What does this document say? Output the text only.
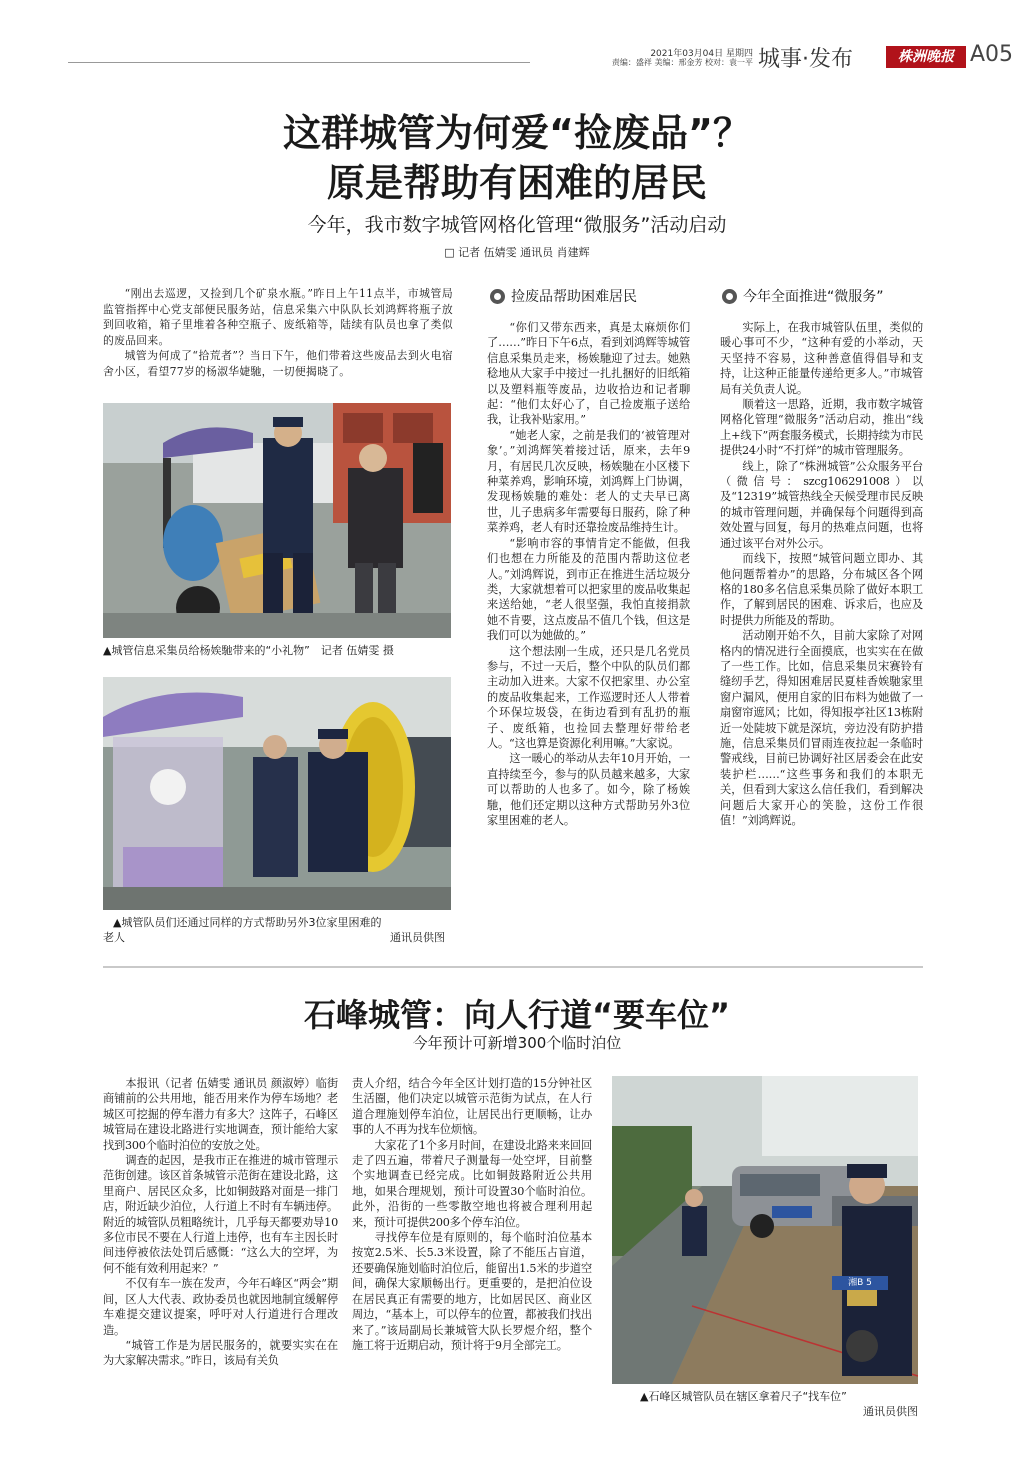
2021年03月04日 星期四
责编：盛祥 美编：邢金芳 校对：袁一平 城事·发布	株洲晚报 A05
这群城管为何爱“捡废品”？
原是帮助有困难的居民
今年，我市数字城管网格化管理“微服务”活动启动
□ 记者 伍婧雯 通讯员 肖建辉

“刚出去巡逻，又捡到几个矿泉水瓶。”昨日上午11点半，市城管局监管指挥中心党支部便民服务站，信息采集六中队队长刘鸿辉将瓶子放到回收箱，箱子里堆着各种空瓶子、废纸箱等，陆续有队员也拿了类似的废品回来。

城管为何成了“拾荒者”？当日下午，他们带着这些废品去到火电宿舍小区，看望77岁的杨淑华婕馳，一切便揭晓了。

▲城管信息采集员给杨娭馳带来的“小礼物”　记者 伍婧雯 摄
▲城管队员们还通过同样的方式帮助另外3位家里困难的
老人	通讯员供图
捡废品帮助困难居民

“你们又带东西来，真是太麻烦你们了……”昨日下午6点，看到刘鸿辉等城管信息采集员走来，杨娭馳迎了过去。她熟稔地从大家手中接过一扎扎捆好的旧纸箱以及塑料瓶等废品，边收拾边和记者聊起：“他们太好心了，自己捡废瓶子送给我，让我补贴家用。”

“她老人家，之前是我们的‘被管理对象’。”刘鸿辉笑着接过话，原来，去年9月，有居民几次反映，杨娭馳在小区楼下种菜养鸡，影响环境，刘鸿辉上门协调，发现杨娭馳的难处：老人的丈夫早已离世，儿子患病多年需要每日服药，除了种菜养鸡，老人有时还靠捡废品维持生计。

“影响市容的事情肯定不能做，但我们也想在力所能及的范围内帮助这位老人。”刘鸿辉说，到市正在推进生活垃圾分类，大家就想着可以把家里的废品收集起来送给她，“老人很坚强，我怕直接捐款她不肯要，这点废品不值几个钱，但这是我们可以为她做的。”

这个想法刚一生成，还只是几名党员参与，不过一天后，整个中队的队员们都主动加入进来。大家不仅把家里、办公室的废品收集起来，工作巡逻时还人人带着个环保垃圾袋，在街边看到有乱扔的瓶子、废纸箱，也捡回去整理好带给老人。“这也算是资源化利用嘛。”大家说。

这一暖心的举动从去年10月开始，一直持续至今，参与的队员越来越多，大家可以帮助的人也多了。如今，除了杨娭馳，他们还定期以这种方式帮助另外3位家里困难的老人。

今年全面推进“微服务”

实际上，在我市城管队伍里，类似的暖心事可不少，“这种有爱的小举动，天天坚持不容易，这种善意值得倡导和支持，让这种正能量传递给更多人。”市城管局有关负责人说。

顺着这一思路，近期，我市数字城管网格化管理“微服务”活动启动，推出“线上+线下”两套服务模式，长期持续为市民提供24小时“不打烊”的城市管理服务。

线上，除了“株洲城管”公众服务平台（微信号：szcg106291008）以及“12319”城管热线全天候受理市民反映的城市管理问题，并确保每个问题得到高效处置与回复，每月的热难点问题，也将通过该平台对外公示。

而线下，按照“城管问题立即办、其他问题帮着办”的思路，分布城区各个网格的180多名信息采集员除了做好本职工作，了解到居民的困难、诉求后，也应及时提供力所能及的帮助。

活动刚开始不久，目前大家除了对网格内的情况进行全面摸底，也实实在在做了一些工作。比如，信息采集员宋赛铃有缝纫手艺，得知困难居民夏桂香娭馳家里窗户漏风，便用自家的旧布料为她做了一扇窗帘遮风；比如，得知报亭社区13栋附近一处陡坡下就是深坑，旁边没有防护措施，信息采集员们冒雨连夜拉起一条临时警戒线，目前已协调好社区居委会在此安装护栏……“这些事务和我们的本职无关，但看到大家这么信任我们，看到解决问题后大家开心的笑脸，这份工作很值！”刘鸿辉说。

石峰城管：向人行道“要车位”
今年预计可新增300个临时泊位

本报讯（记者 伍婧雯 通讯员 颜淑婷）临街商铺前的公共用地，能否用来作为停车场地？老城区可挖掘的停车潜力有多大？这阵子，石峰区城管局在建设北路进行实地调查，预计能给大家找到300个临时泊位的安放之处。

调查的起因，是我市正在推进的城市管理示范街创建。该区首条城管示范街在建设北路，这里商户、居民区众多，比如铜鼓路对面是一排门店，附近缺少泊位，人行道上不时有车辆违停。附近的城管队员粗略统计，几乎每天都要劝导10多位市民不要在人行道上违停，也有车主因长时间违停被依法处罚后感慨：“这么大的空坪，为何不能有效利用起来？”

不仅有车一族在发声，今年石峰区“两会”期间，区人大代表、政协委员也就因地制宜缓解停车难提交建议提案，呼吁对人行道进行合理改造。

“城管工作是为居民服务的，就要实实在在为大家解决需求。”昨日，该局有关负

责人介绍，结合今年全区计划打造的15分钟社区生活圈，他们决定以城管示范街为试点，在人行道合理施划停车泊位，让居民出行更顺畅，让办事的人不再为找车位烦恼。

大家花了1个多月时间，在建设北路来来回回走了四五遍，带着尺子测量每一处空坪，目前整个实地调查已经完成。比如铜鼓路附近公共用地，如果合理规划，预计可设置30个临时泊位。此外，沿街的一些零散空地也将被合理利用起来，预计可提供200多个停车泊位。

寻找停车位是有原则的，每个临时泊位基本按宽2.5米、长5.3米设置，除了不能压占盲道，还要确保施划临时泊位后，能留出1.5米的步道空间，确保大家顺畅出行。更重要的，是把泊位设在居民真正有需要的地方，比如居民区、商业区周边，“基本上，可以停车的位置，都被我们找出来了。”该局副局长兼城管大队长罗煜介绍，整个施工将于近期启动，预计将于9月全部完工。

湘B 5
▲石峰区城管队员在辖区拿着尺子“找车位”
通讯员供图
